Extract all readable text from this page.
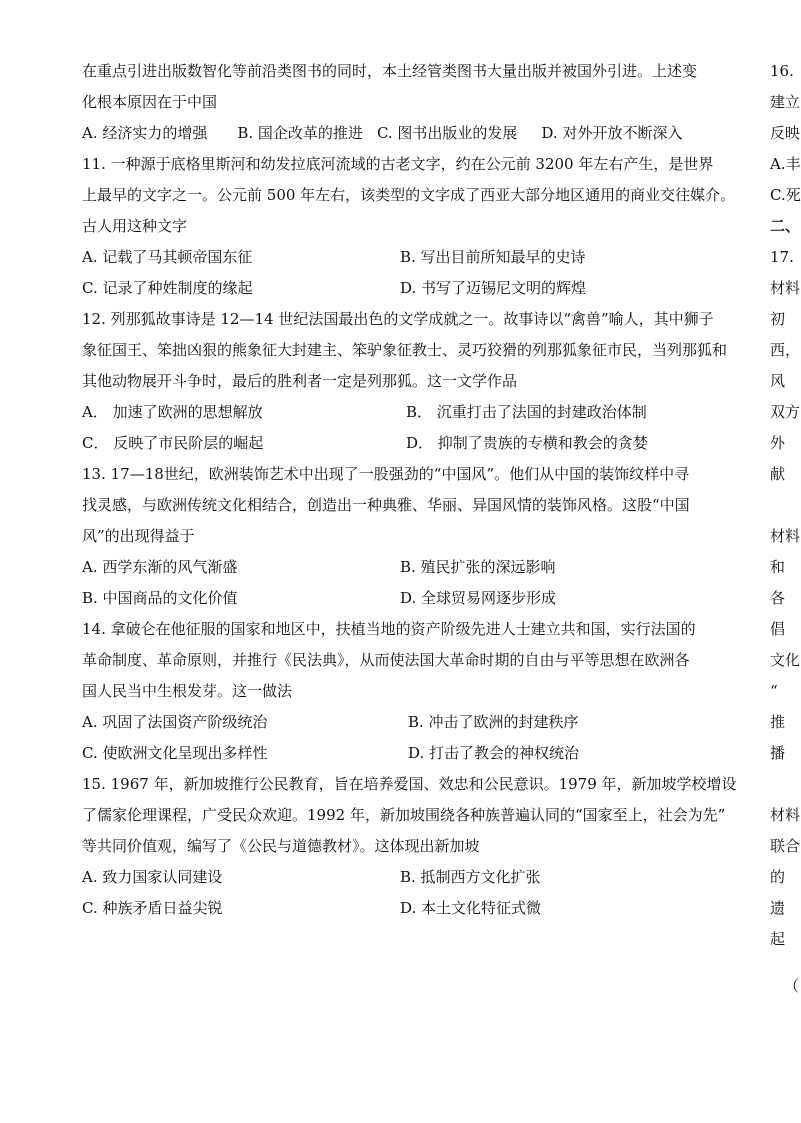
在重点引进出版数智化等前沿类图书的同时，本土经管类图书大量出版并被国外引进。上述变
化根本原因在于中国
A. 经济实力的增强 B. 国企改革的推进 C. 图书出版业的发展 D. 对外开放不断深入
11. 一种源于底格里斯河和幼发拉底河流域的古老文字，约在公元前 3200 年左右产生，是世界
上最早的文字之一。公元前 500 年左右，该类型的文字成了西亚大部分地区通用的商业交往媒介。
古人用这种文字
A. 记载了马其顿帝国东征	B. 写出目前所知最早的史诗
C. 记录了种姓制度的缘起	D. 书写了迈锡尼文明的辉煌
12. 列那狐故事诗是 12—14 世纪法国最出色的文学成就之一。故事诗以“禽兽”喻人，其中狮子
象征国王、笨拙凶狠的熊象征大封建主、笨驴象征教士、灵巧狡猾的列那狐象征市民，当列那狐和
其他动物展开斗争时，最后的胜利者一定是列那狐。这一文学作品
A． 加速了欧洲的思想解放	B． 沉重打击了法国的封建政治体制
C． 反映了市民阶层的崛起	D． 抑制了贵族的专横和教会的贪婪
13. 17—18世纪，欧洲装饰艺术中出现了一股强劲的“中国风”。他们从中国的装饰纹样中寻
找灵感，与欧洲传统文化相结合，创造出一种典雅、华丽、异国风情的装饰风格。这股“中国
风”的出现得益于
A. 西学东渐的风气渐盛	B. 殖民扩张的深远影响
B. 中国商品的文化价值	D. 全球贸易网逐步形成
14. 拿破仑在他征服的国家和地区中，扶植当地的资产阶级先进人士建立共和国，实行法国的
革命制度、革命原则，并推行《民法典》，从而使法国大革命时期的自由与平等思想在欧洲各
国人民当中生根发芽。这一做法
A. 巩固了法国资产阶级统治	B. 冲击了欧洲的封建秩序
C. 使欧洲文化呈现出多样性	D. 打击了教会的神权统治
15. 1967 年，新加坡推行公民教育，旨在培养爱国、效忠和公民意识。1979 年，新加坡学校增设
了儒家伦理课程，广受民众欢迎。1992 年，新加坡围绕各种族普遍认同的“国家至上，社会为先”
等共同价值观，编写了《公民与道德教材》。这体现出新加坡
A. 致力国家认同建设	B. 抵制西方文化扩张
C. 种族矛盾日益尖锐	D. 本土文化特征式微
16.
建立
反映
A.丰
C.死
二、
17.
材料
初
西，
风
双方
外
献
材料
和
各
倡
文化
“
推
播
材料
联合
的
遗
起
（
